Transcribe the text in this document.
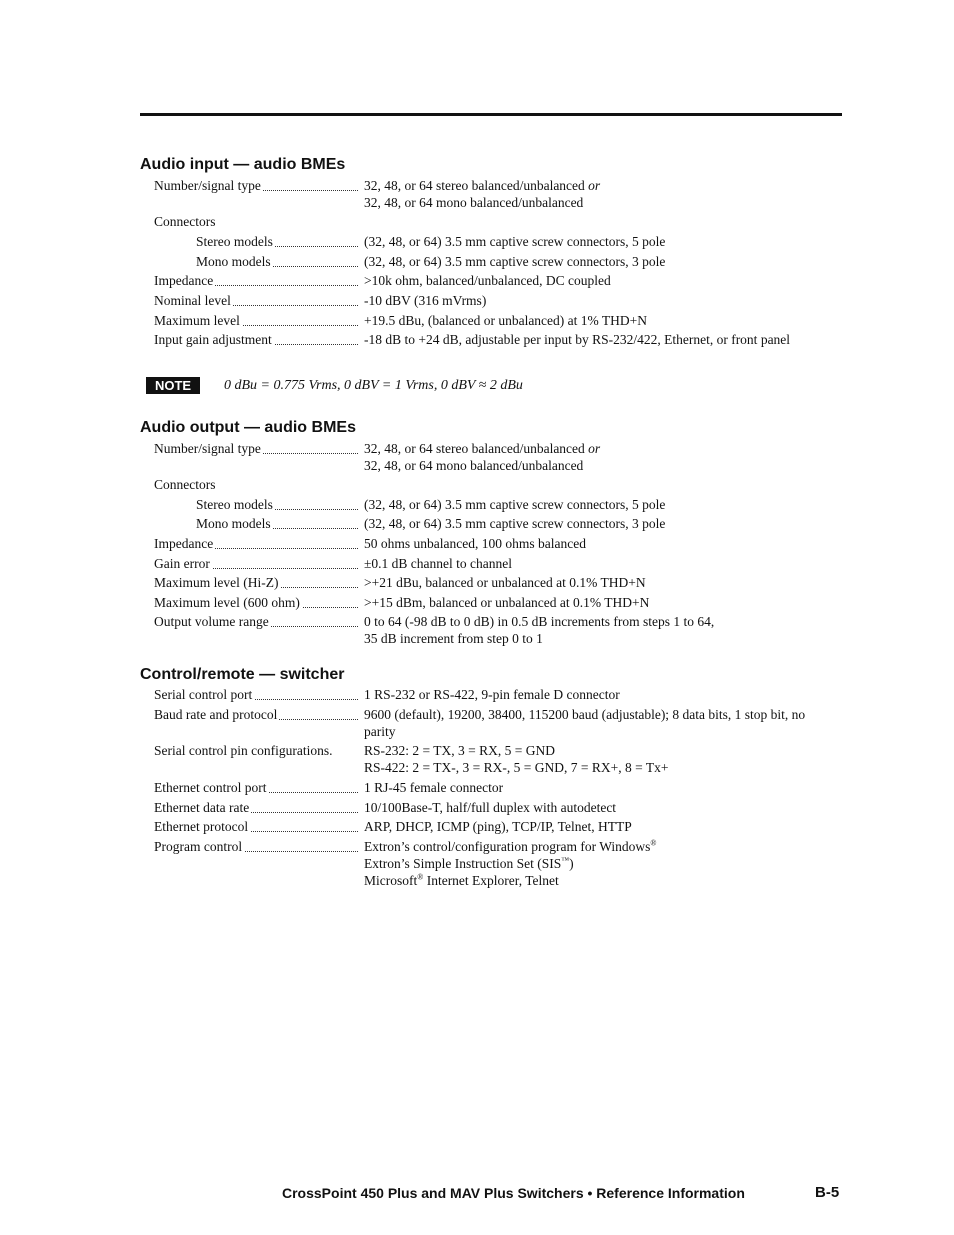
Audio input — audio BMEs
Number/signal type	32, 48, or 64 stereo balanced/unbalanced or
32, 48, or 64 mono balanced/unbalanced
Connectors
Stereo models	(32, 48, or 64) 3.5 mm captive screw connectors, 5 pole
Mono models	(32, 48, or 64) 3.5 mm captive screw connectors, 3 pole
Impedance	>10k ohm, balanced/unbalanced, DC coupled
Nominal level	-10 dBV (316 mVrms)
Maximum level	+19.5 dBu, (balanced or unbalanced) at 1% THD+N
Input gain adjustment	-18 dB to +24 dB, adjustable per input by RS-232/422, Ethernet, or front panel
NOTE	0 dBu = 0.775 Vrms, 0 dBV = 1 Vrms, 0 dBV ≈ 2 dBu
Audio output — audio BMEs
Number/signal type	32, 48, or 64 stereo balanced/unbalanced or
32, 48, or 64 mono balanced/unbalanced
Connectors
Stereo models	(32, 48, or 64) 3.5 mm captive screw connectors, 5 pole
Mono models	(32, 48, or 64) 3.5 mm captive screw connectors, 3 pole
Impedance	50 ohms unbalanced, 100 ohms balanced
Gain error	±0.1 dB channel to channel
Maximum level (Hi-Z)	>+21 dBu, balanced or unbalanced at 0.1% THD+N
Maximum level (600 ohm)	>+15 dBm, balanced or unbalanced at 0.1% THD+N
Output volume range	0 to 64 (-98 dB to 0 dB) in 0.5 dB increments from steps 1 to 64,
35 dB increment from step 0 to 1
Control/remote — switcher
Serial control port	1 RS-232 or RS-422, 9-pin female D connector
Baud rate and protocol	9600 (default), 19200, 38400, 115200 baud (adjustable); 8 data bits, 1 stop bit, no parity
Serial control pin configurations.	RS-232: 2 = TX, 3 = RX, 5 = GND
RS-422: 2 = TX-, 3 = RX-, 5 = GND, 7 = RX+, 8 = Tx+
Ethernet control port	1 RJ-45 female connector
Ethernet data rate	10/100Base-T, half/full duplex with autodetect
Ethernet protocol	ARP, DHCP, ICMP (ping), TCP/IP, Telnet, HTTP
Program control	Extron’s control/configuration program for Windows®
Extron’s Simple Instruction Set (SIS™)
Microsoft® Internet Explorer, Telnet
CrossPoint 450 Plus and MAV Plus Switchers • Reference Information	B-5
